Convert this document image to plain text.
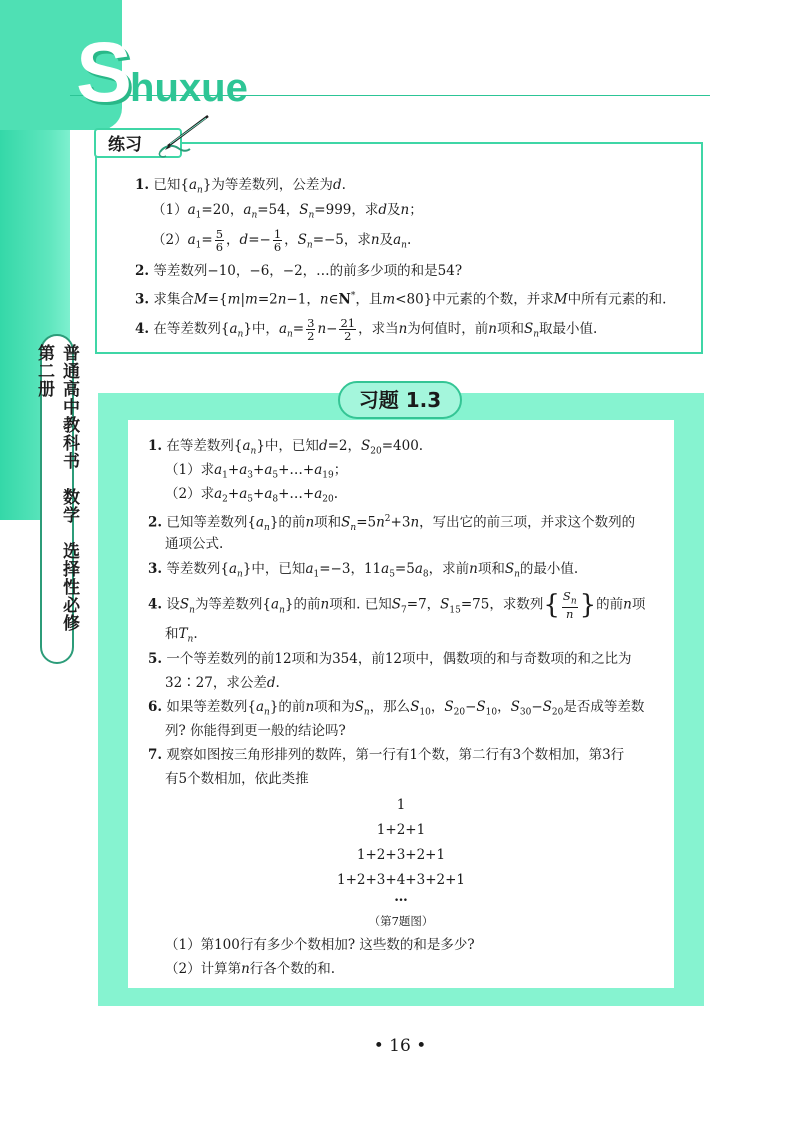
Shuxue
普通高中教科书　数学　选择性必修　第二册
练习
1. 已知$\{a_n\}$为等差数列，公差为d.
$(1)a_1=20$，$a_n=54$，$S_n=999$，求d及n；
$(2)a_1= \frac{5}{6}$ ，$d=- \frac{1}{6}$ ，$S_n=-5$，求n及$a_n$.
2. 等差数列−10，−6，−2，…的前多少项的和是54?
3. 求集合M={m|m=2n−1，n∈N*，且m<80}中元素的个数，并求M中所有元素的和.
4. 在等差数列$\{a_n\}$中，$a_n= \frac{3}{2} n- \frac{21}{2}$ ，求当n为何值时，前n项和$S_n$取最小值.
习题 1.3
1. 在等差数列$\{a_n\}$中，已知d=2，$S_{20}=400$.
（1）求$a_1+a_3+a_5+\dots+a_{19}$；
（2）求$a_2+a_5+a_8+\dots+a_{20}$.
2. 已知等差数列$\{a_n\}$的前n项和$S_n=5n^2+3n$，写出它的前三项，并求这个数列的
通项公式.
3. 等差数列$\{a_n\}$中，已知$a_1=-3$，$11a_5=5a_8$，求前n项和$S_n$的最小值.
4. 设$S_n$为等差数列$\{a_n\}$的前n项和. 已知$S_7=7$，$S_{15}=75$，求数列{ $\frac{S_n}{n}$ }的前n项
和$T_n$.
5. 一个等差数列的前12项和为354，前12项中，偶数项的和与奇数项的和之比为
32∶27，求公差d.
6. 如果等差数列$\{a_n\}$的前n项和为$S_n$，那么$S_{10}$，$S_{20}-S_{10}$，$S_{30}-S_{20}$是否成等差数
列? 你能得到更一般的结论吗?
7. 观察如图按三角形排列的数阵，第一行有1个数，第二行有3个数相加，第3行
有5个数相加，依此类推
1
1+2+1
1+2+3+2+1
1+2+3+4+3+2+1
…
（第7题图）
（1）第100行有多少个数相加? 这些数的和是多少?
（2）计算第n行各个数的和.
• 16 •
